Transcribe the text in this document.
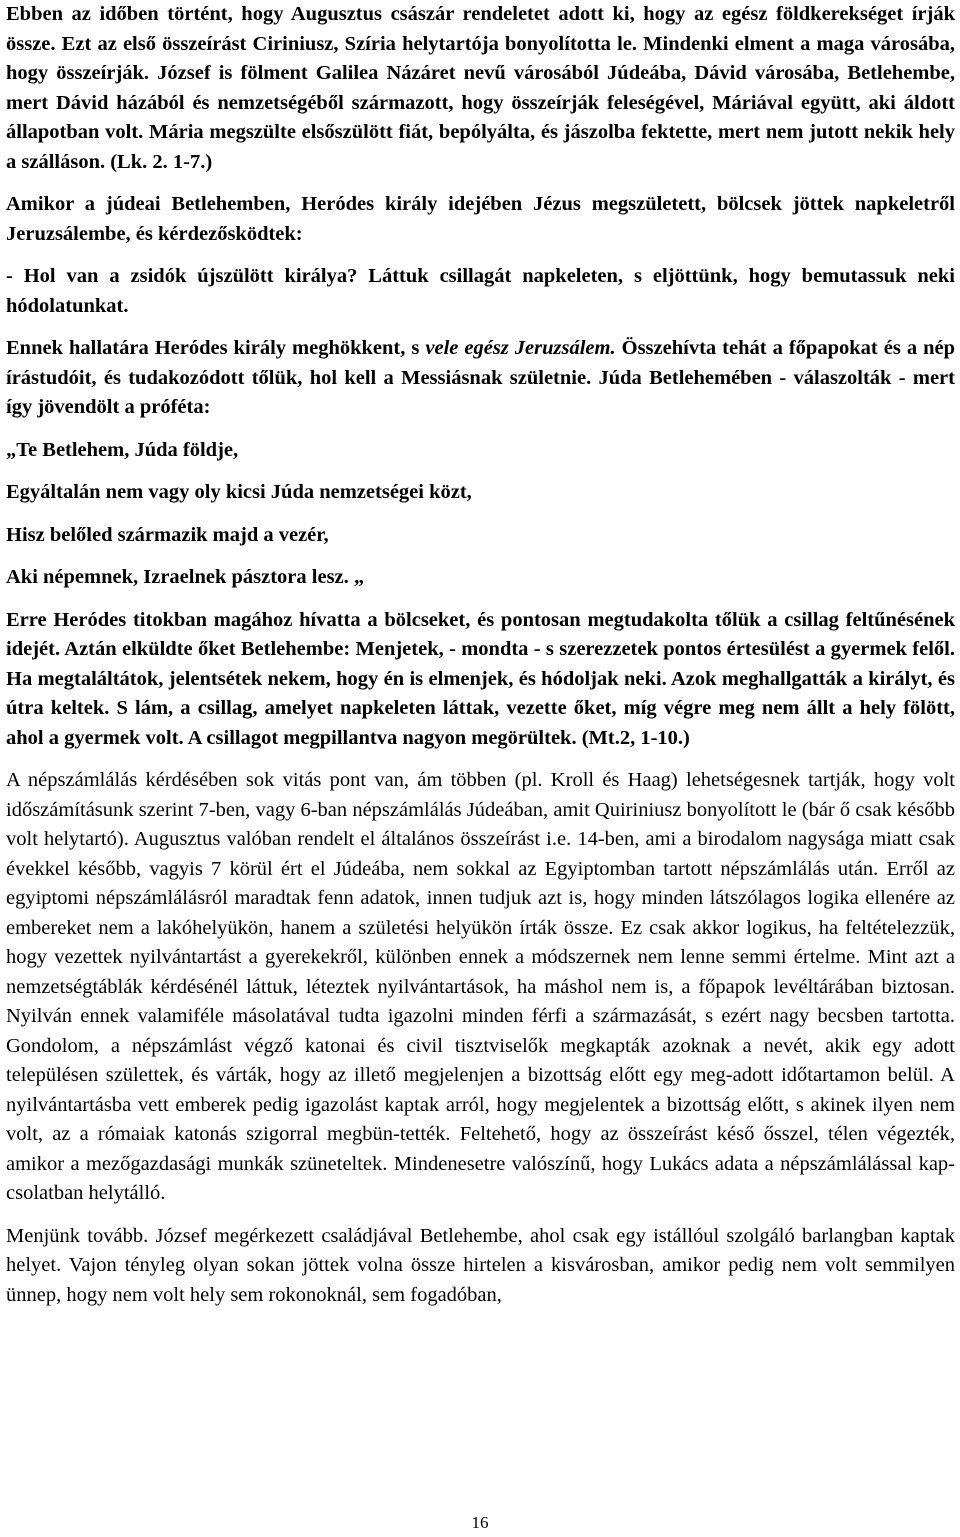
Ebben az időben történt, hogy Augusztus császár rendeletet adott ki, hogy az egész földkerekséget írják össze. Ezt az első összeírást Ciriniusz, Szíria helytartója bonyolította le. Mindenki elment a maga városába, hogy összeírják. József is fölment Galilea Názáret nevű városából Júdeába, Dávid városába, Betlehembe, mert Dávid házából és nemzetségéből származott, hogy összeírják feleségével, Máriával együtt, aki áldott állapotban volt. Mária megszülte elsőszülött fiát, bepólyálta, és jászolba fektette, mert nem jutott nekik hely a szálláson. (Lk. 2. 1-7.)

Amikor a júdeai Betlehemben, Heródes király idejében Jézus megszületett, bölcsek jöttek napkeletről Jeruzsálembe, és kérdezősködtek:

- Hol van a zsidók újszülött királya? Láttuk csillagát napkeleten, s eljöttünk, hogy bemutassuk neki hódolatunkat.

Ennek hallatára Heródes király meghökkent, s vele egész Jeruzsálem. Összehívta tehát a főpapokat és a nép írástudóit, és tudakozódott tőlük, hol kell a Messiásnak születnie. Júda Betlehemében - válaszolták - mert így jövendölt a próféta:

„Te Betlehem, Júda földje,

Egyáltalán nem vagy oly kicsi Júda nemzetségei közt,

Hisz belőled származik majd a vezér,

Aki népemnek, Izraelnek pásztora lesz. „

Erre Heródes titokban magához hívatta a bölcseket, és pontosan megtudakolta tőlük a csillag feltűnésének idejét. Aztán elküldte őket Betlehembe: Menjetek, - mondta - s szerezzetek pontos értesülést a gyermek felől. Ha megtaláltátok, jelentsétek nekem, hogy én is elmenjek, és hódoljak neki. Azok meghallgatták a királyt, és útra keltek. S lám, a csillag, amelyet napkeleten láttak, vezette őket, míg végre meg nem állt a hely fölött, ahol a gyermek volt. A csillagot megpillantva nagyon megörültek. (Mt.2, 1-10.)

A népszámlálás kérdésében sok vitás pont van, ám többen (pl. Kroll és Haag) lehetségesnek tartják, hogy volt időszámításunk szerint 7-ben, vagy 6-ban népszámlálás Júdeában, amit Quiriniusz bonyolított le (bár ő csak később volt helytartó). Augusztus valóban rendelt el általános összeírást i.e. 14-ben, ami a birodalom nagysága miatt csak évekkel később, vagyis 7 körül ért el Júdeába, nem sokkal az Egyiptomban tartott népszámlálás után. Erről az egyiptomi népszámlálásról maradtak fenn adatok, innen tudjuk azt is, hogy minden látszólagos logika ellenére az embereket nem a lakóhelyükön, hanem a születési helyükön írták össze. Ez csak akkor logikus, ha feltételezzük, hogy vezettek nyilvántartást a gyerekekről, különben ennek a módszernek nem lenne semmi értelme. Mint azt a nemzetségtáblák kérdésénél láttuk, léteztek nyilvántartások, ha máshol nem is, a főpapok levéltárában biztosan. Nyilván ennek valamiféle másolatával tudta igazolni minden férfi a származását, s ezért nagy becsben tartotta. Gondolom, a népszámlást végző katonai és civil tisztviselők megkapták azoknak a nevét, akik egy adott településen születtek, és várták, hogy az illető megjelenjen a bizottság előtt egy meg-adott időtartamon belül. A nyilvántartásba vett emberek pedig igazolást kaptak arról, hogy megjelentek a bizottság előtt, s akinek ilyen nem volt, az a rómaiak katonás szigorral megbün-tették. Feltehető, hogy az összeírást késő ősszel, télen végezték, amikor a mezőgazdasági munkák szüneteltek. Mindenesetre valószínű, hogy Lukács adata a népszámlálással kap-csolatban helytálló.

Menjünk tovább. József megérkezett családjával Betlehembe, ahol csak egy istállóul szolgáló barlangban kaptak helyet. Vajon tényleg olyan sokan jöttek volna össze hirtelen a kisvárosban, amikor pedig nem volt semmilyen ünnep, hogy nem volt hely sem rokonoknál, sem fogadóban,

16
